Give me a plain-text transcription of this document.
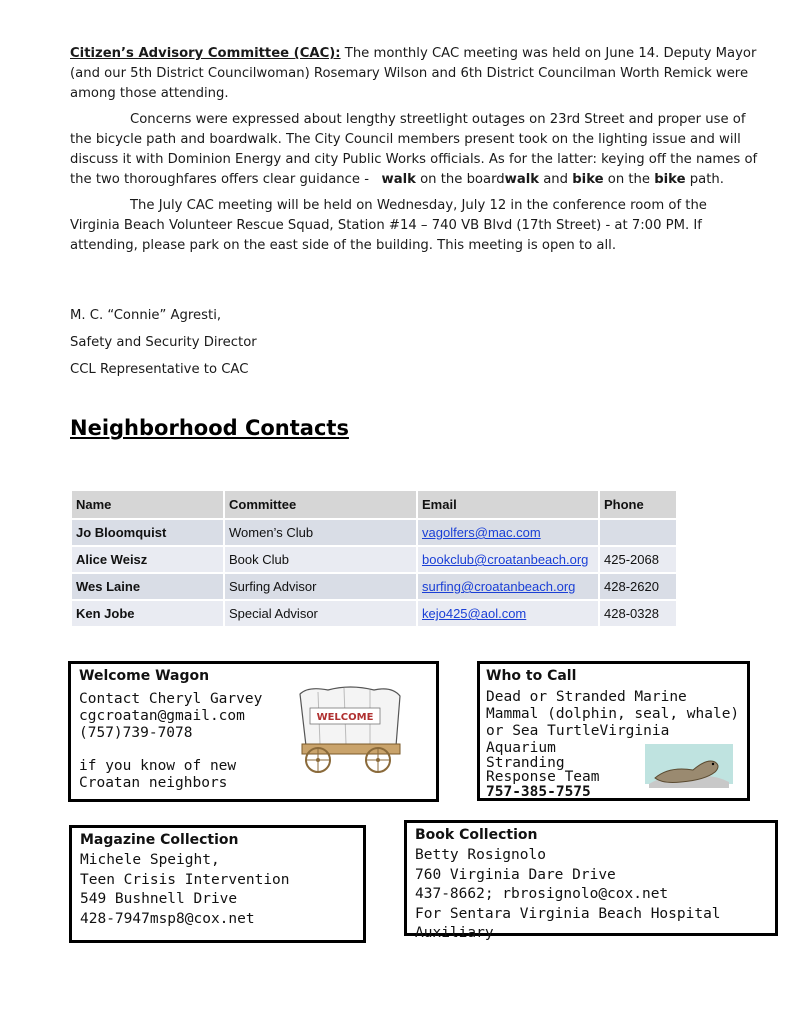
Citizen’s Advisory Committee (CAC): The monthly CAC meeting was held on June 14. Deputy Mayor (and our 5th District Councilwoman) Rosemary Wilson and 6th District Councilman Worth Remick were among those attending.

Concerns were expressed about lengthy streetlight outages on 23rd Street and proper use of the bicycle path and boardwalk. The City Council members present took on the lighting issue and will discuss it with Dominion Energy and city Public Works officials. As for the latter: keying off the names of the two thoroughfares offers clear guidance - walk on the boardwalk and bike on the bike path.

The July CAC meeting will be held on Wednesday, July 12 in the conference room of the Virginia Beach Volunteer Rescue Squad, Station #14 – 740 VB Blvd (17th Street) - at 7:00 PM. If attending, please park on the east side of the building. This meeting is open to all.

M. C. “Connie” Agresti,
Safety and Security Director
CCL Representative to CAC
Neighborhood Contacts
Name	Committee	Email	Phone
Jo Bloomquist	Women’s Club	vagolfers@mac.com	
Alice Weisz	Book Club	bookclub@croatanbeach.org	425-2068
Wes Laine	Surfing Advisor	surfing@croatanbeach.org	428-2620
Ken Jobe	Special Advisor	kejo425@aol.com	428-0328
Welcome Wagon
Contact Cheryl Garvey
cgcroatan@gmail.com
(757)739-7078
if you know of new
Croatan neighbors
WELCOME
Who to Call
Dead or Stranded Marine
Mammal (dolphin, seal, whale)
or Sea TurtleVirginia Aquarium
Stranding
Response Team
757-385-7575
Magazine Collection
Michele Speight,
Teen Crisis Intervention
549 Bushnell Drive
428-7947msp8@cox.net
Book Collection
Betty Rosignolo
760 Virginia Dare Drive
437-8662; rbrosignolo@cox.net
For Sentara Virginia Beach Hospital Auxiliary
